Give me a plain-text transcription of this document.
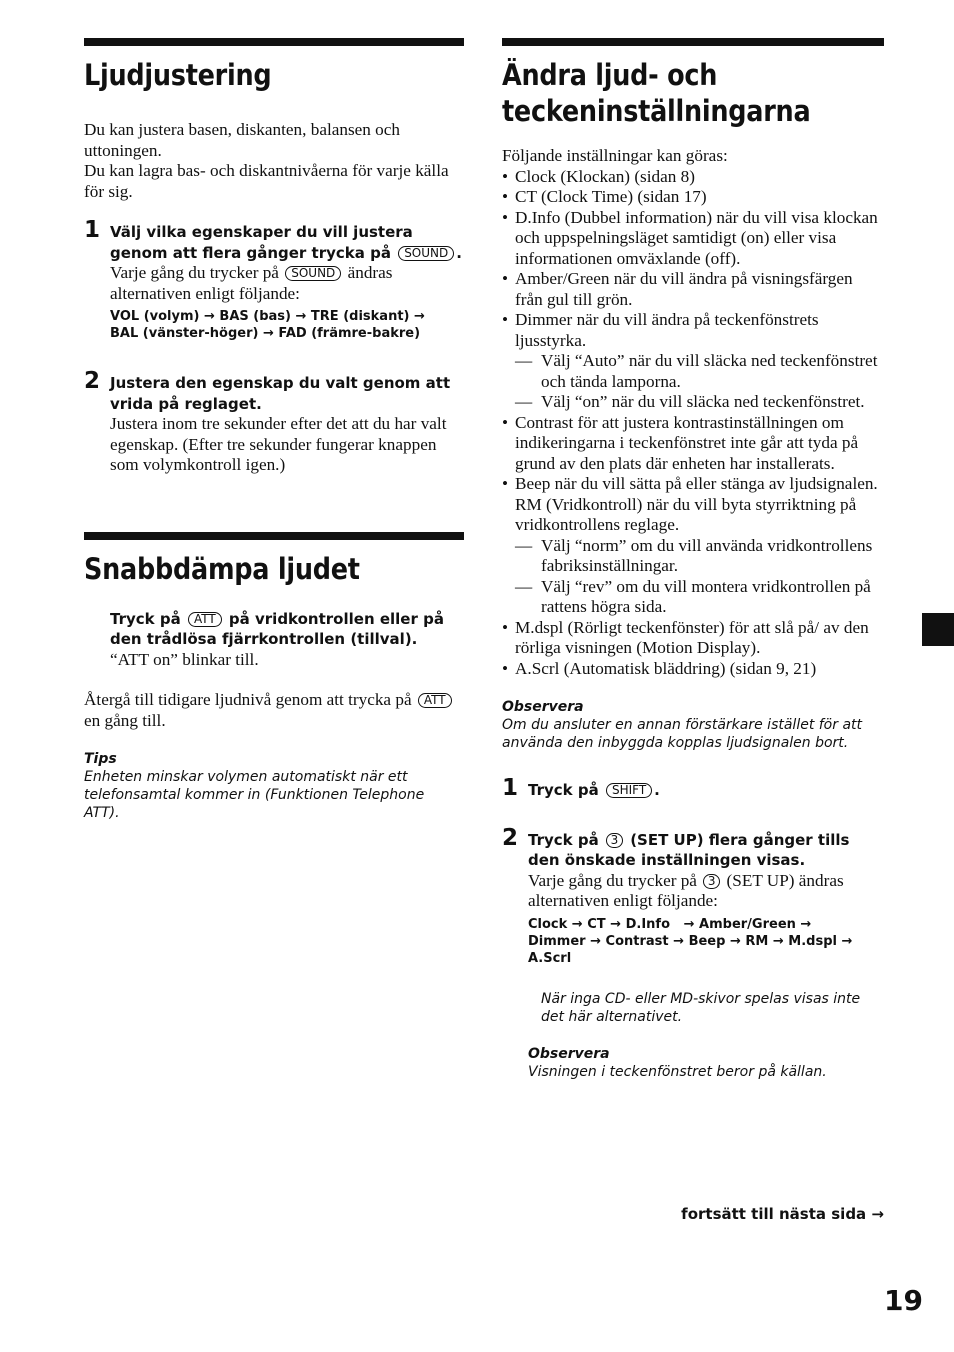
Ljudjustering

Du kan justera basen, diskanten, balansen och uttoningen.

Du kan lagra bas- och diskantnivåerna för varje källa för sig.

1 Välj vilka egenskaper du vill justera genom att flera gånger trycka på SOUND .
Varje gång du trycker på SOUND ändras alternativen enligt följande:
VOL (volym) → BAS (bas) → TRE (diskant) →
BAL (vänster-höger) → FAD (främre-bakre)
2 Justera den egenskap du valt genom att vrida på reglaget.
Justera inom tre sekunder efter det att du har valt egenskap. (Efter tre sekunder fungerar knappen som volymkontroll igen.)
Snabbdämpa ljudet
Tryck på ATT på vridkontrollen eller på den trådlösa fjärrkontrollen (tillval).
“ATT on” blinkar till.
Återgå till tidigare ljudnivå genom att trycka på ATT en gång till.
Tips
Enheten minskar volymen automatiskt när ett telefonsamtal kommer in (Funktionen Telephone ATT).
Ändra ljud- och
teckeninställningarna

Följande inställningar kan göras:

• Clock (Klockan) (sidan 8)
• CT (Clock Time) (sidan 17)
• D.Info (Dubbel information) när du vill visa klockan och uppspelningsläget samtidigt (on) eller visa informationen omväxlande (off).
• Amber/Green när du vill ändra på visningsfärgen från gul till grön.
• Dimmer när du vill ändra på teckenfönstrets ljusstyrka.
— Välj “Auto” när du vill släcka ned teckenfönstret och tända lamporna.
— Välj “on” när du vill släcka ned teckenfönstret.
• Contrast för att justera kontrastinställningen om indikeringarna i teckenfönstret inte går att tyda på grund av den plats där enheten har installerats.
• Beep när du vill sätta på eller stänga av ljudsignalen.
RM (Vridkontroll) när du vill byta styrriktning på vridkontrollens reglage.
— Välj “norm” om du vill använda vridkontrollens fabriksinställningar.
— Välj “rev” om du vill montera vridkontrollen på rattens högra sida.
• M.dspl (Rörligt teckenfönster) för att slå på/ av den rörliga visningen (Motion Display).
• A.Scrl (Automatisk bläddring) (sidan 9, 21)
Observera
Om du ansluter en annan förstärkare istället för att använda den inbyggda kopplas ljudsignalen bort.
1 Tryck på SHIFT .
2 Tryck på 3 (SET UP) flera gånger tills den önskade inställningen visas.
Varje gång du trycker på 3 (SET UP) ändras alternativen enligt följande:
Clock → CT → D.Info   → Amber/Green →
Dimmer → Contrast → Beep → RM → M.dspl →
A.Scrl
När inga CD- eller MD-skivor spelas visas inte det här alternativet.
Observera
Visningen i teckenfönstret beror på källan.
fortsätt till nästa sida →
19
